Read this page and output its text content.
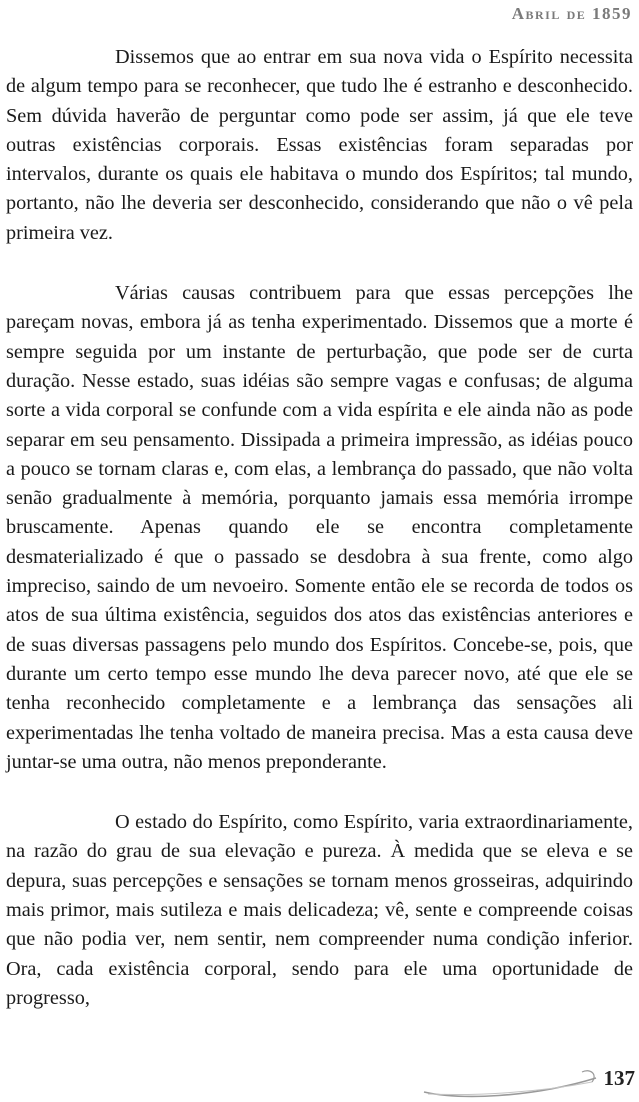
Abril de 1859

Dissemos que ao entrar em sua nova vida o Espírito necessita de algum tempo para se reconhecer, que tudo lhe é estranho e desconhecido. Sem dúvida haverão de perguntar como pode ser assim, já que ele teve outras existências corporais. Essas existências foram separadas por intervalos, durante os quais ele habitava o mundo dos Espíritos; tal mundo, portanto, não lhe deveria ser desconhecido, considerando que não o vê pela primeira vez.

Várias causas contribuem para que essas percepções lhe pareçam novas, embora já as tenha experimentado. Dissemos que a morte é sempre seguida por um instante de perturbação, que pode ser de curta duração. Nesse estado, suas idéias são sempre vagas e confusas; de alguma sorte a vida corporal se confunde com a vida espírita e ele ainda não as pode separar em seu pensamento. Dissipada a primeira impressão, as idéias pouco a pouco se tornam claras e, com elas, a lembrança do passado, que não volta senão gradualmente à memória, porquanto jamais essa memória irrompe bruscamente. Apenas quando ele se encontra completamente desmaterializado é que o passado se desdobra à sua frente, como algo impreciso, saindo de um nevoeiro. Somente então ele se recorda de todos os atos de sua última existência, seguidos dos atos das existências anteriores e de suas diversas passagens pelo mundo dos Espíritos. Concebe-se, pois, que durante um certo tempo esse mundo lhe deva parecer novo, até que ele se tenha reconhecido completamente e a lembrança das sensações ali experimentadas lhe tenha voltado de maneira precisa. Mas a esta causa deve juntar-se uma outra, não menos preponderante.

O estado do Espírito, como Espírito, varia extraordinariamente, na razão do grau de sua elevação e pureza. À medida que se eleva e se depura, suas percepções e sensações se tornam menos grosseiras, adquirindo mais primor, mais sutileza e mais delicadeza; vê, sente e compreende coisas que não podia ver, nem sentir, nem compreender numa condição inferior. Ora, cada existência corporal, sendo para ele uma oportunidade de progresso,

137
